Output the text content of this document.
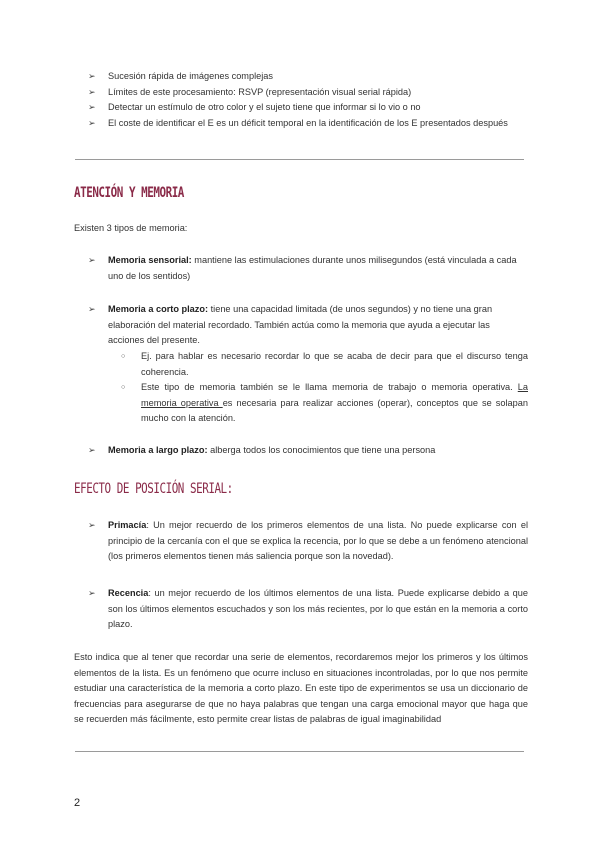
➢ Sucesión rápida de imágenes complejas
➢ Límites de este procesamiento: RSVP (representación visual serial rápida)
➢ Detectar un estímulo de otro color y el sujeto tiene que informar si lo vio o no
➢ El coste de identificar el E es un déficit temporal en la identificación de los E presentados después
ATENCIÓN Y MEMORIA
Existen 3 tipos de memoria:
➢ Memoria sensorial: mantiene las estimulaciones durante unos milisegundos (está vinculada a cada uno de los sentidos)
➢ Memoria a corto plazo: tiene una capacidad limitada (de unos segundos) y no tiene una gran elaboración del material recordado. También actúa como la memoria que ayuda a ejecutar las acciones del presente.
○ Ej. para hablar es necesario recordar lo que se acaba de decir para que el discurso tenga coherencia.
○ Este tipo de memoria también se le llama memoria de trabajo o memoria operativa. La memoria operativa es necesaria para realizar acciones (operar), conceptos que se solapan mucho con la atención.
➢ Memoria a largo plazo: alberga todos los conocimientos que tiene una persona
EFECTO DE POSICIÓN SERIAL:
➢ Primacía: Un mejor recuerdo de los primeros elementos de una lista. No puede explicarse con el principio de la cercanía con el que se explica la recencia, por lo que se debe a un fenómeno atencional (los primeros elementos tienen más saliencia porque son la novedad).
➢ Recencia: un mejor recuerdo de los últimos elementos de una lista. Puede explicarse debido a que son los últimos elementos escuchados y son los más recientes, por lo que están en la memoria a corto plazo.
Esto indica que al tener que recordar una serie de elementos, recordaremos mejor los primeros y los últimos elementos de la lista. Es un fenómeno que ocurre incluso en situaciones incontroladas, por lo que nos permite estudiar una característica de la memoria a corto plazo. En este tipo de experimentos se usa un diccionario de frecuencias para asegurarse de que no haya palabras que tengan una carga emocional mayor que haga que se recuerden más fácilmente, esto permite crear listas de palabras de igual imaginabilidad
2
